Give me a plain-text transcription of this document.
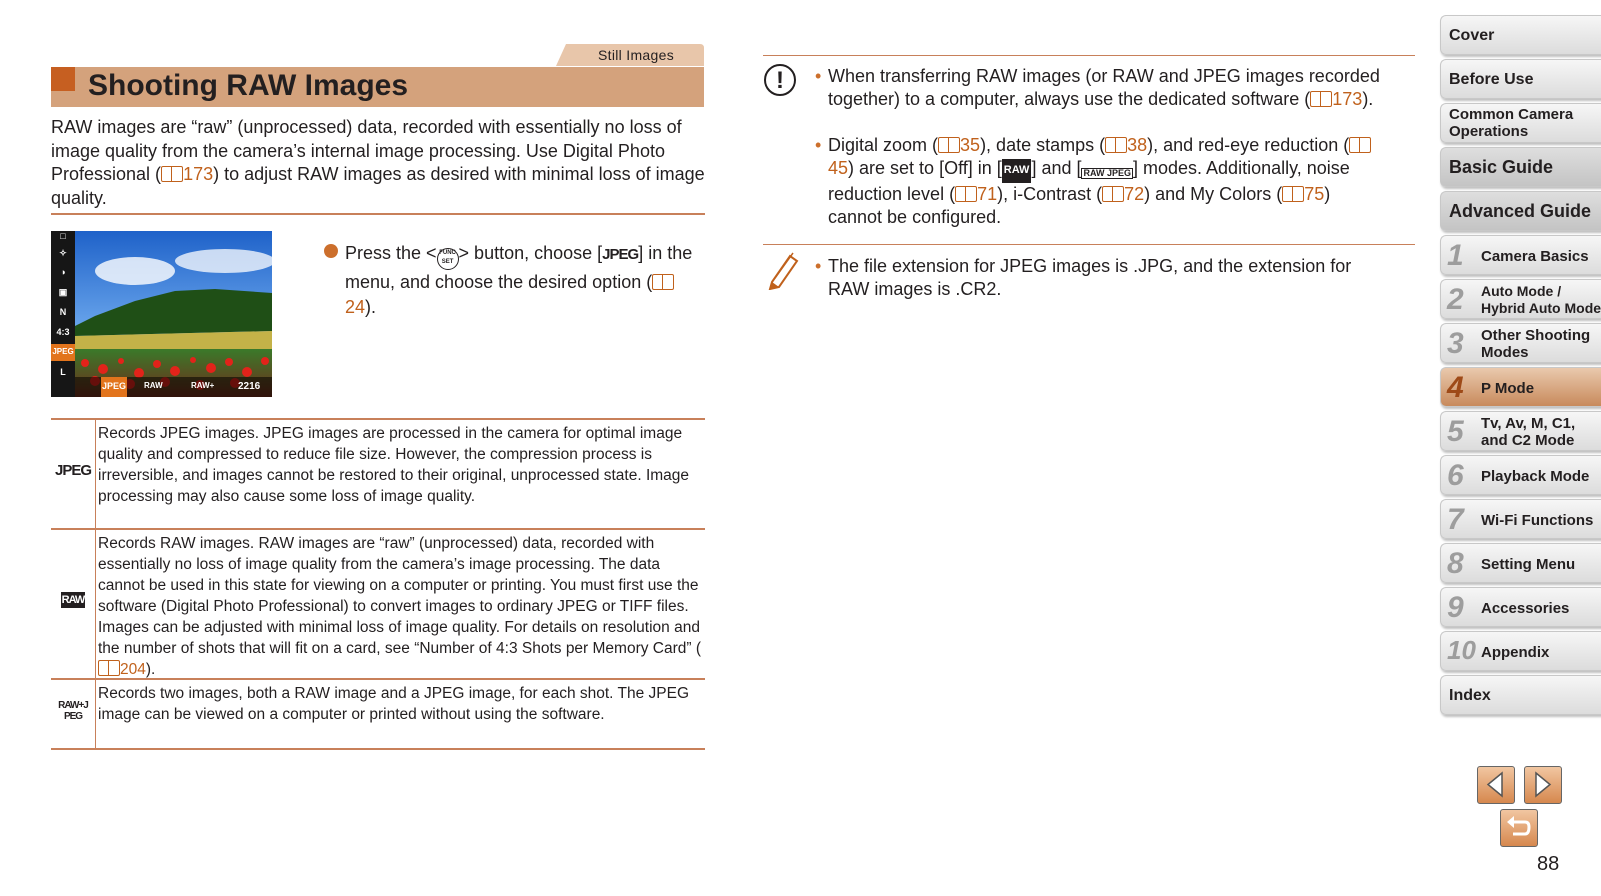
Still Images
Shooting RAW Images
RAW images are “raw” (unprocessed) data, recorded with essentially no loss of image quality from the camera’s internal image processing. Use Digital Photo Professional ( 173) to adjust RAW images as desired with minimal loss of image quality.
□
✧
◑
▣
N
4:3
JPEG
L
JPEG RAW	RAW+ 2216
Press the < FUNC SET > button, choose [JPEG] in the menu, and choose the desired option (24).
JPEG
Records JPEG images. JPEG images are processed in the camera for optimal image quality and compressed to reduce file size. However, the compression process is irreversible, and images cannot be restored to their original, unprocessed state. Image processing may also cause some loss of image quality.
RAW
Records RAW images. RAW images are “raw” (unprocessed) data, recorded with essentially no loss of image quality from the camera’s image processing. The data cannot be used in this state for viewing on a computer or printing. You must first use the software (Digital Photo Professional) to convert images to ordinary JPEG or TIFF files. Images can be adjusted with minimal loss of image quality. For details on resolution and the number of shots that will fit on a card, see “Number of 4:3 Shots per Memory Card” (204).
RAW+JPEG
Records two images, both a RAW image and a JPEG image, for each shot. The JPEG image can be viewed on a computer or printed without using the software.
!	• When transferring RAW images (or RAW and JPEG images recorded together) to a computer, always use the dedicated software ( 173).
• Digital zoom ( 35), date stamps ( 38), and red-eye reduction (45) are set to [Off] in [ RAW ] and [ RAW JPEG ] modes. Additionally, noise reduction level ( 71), i-Contrast ( 72) and My Colors ( 75) cannot be configured.
• The file extension for JPEG images is .JPG, and the extension for RAW images is .CR2.
Cover
Before Use
Common Camera
Operations
Basic Guide
Advanced Guide
1 Camera Basics
2 Auto Mode /
Hybrid Auto Mode
3 Other Shooting
Modes
4 P Mode
5 Tv, Av, M, C1,
and C2 Mode
6 Playback Mode
7 Wi-Fi Functions
8 Setting Menu
9 Accessories
10 Appendix
Index
88
